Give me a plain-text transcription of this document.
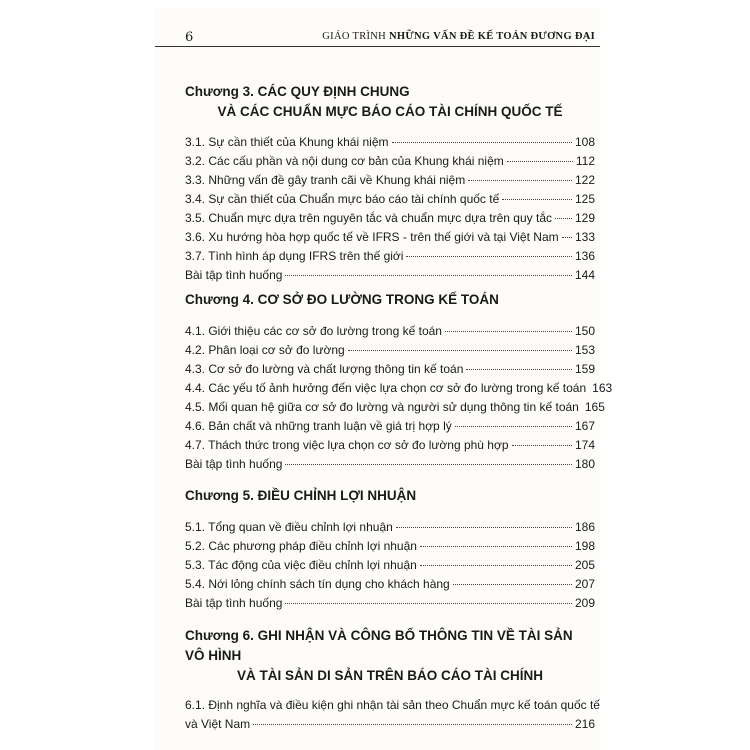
6	GIÁO TRÌNH NHỮNG VẤN ĐỀ KẾ TOÁN ĐƯƠNG ĐẠI
Chương 3. CÁC QUY ĐỊNH CHUNG
VÀ CÁC CHUẨN MỰC BÁO CÁO TÀI CHÍNH QUỐC TẾ
3.1. Sự cần thiết của Khung khái niệm	108
3.2. Các cấu phần và nội dung cơ bản của Khung khái niệm	112
3.3. Những vấn đề gây tranh cãi về Khung khái niệm	122
3.4. Sự cần thiết của Chuẩn mực báo cáo tài chính quốc tế	125
3.5. Chuẩn mực dựa trên nguyên tắc và chuẩn mực dựa trên quy tắc 129
3.6. Xu hướng hòa hợp quốc tế về IFRS - trên thế giới và tại Việt Nam 133
3.7. Tình hình áp dụng IFRS trên thế giới	136
Bài tập tình huống	144
Chương 4. CƠ SỞ ĐO LƯỜNG TRONG KẾ TOÁN
4.1. Giới thiệu các cơ sở đo lường trong kế toán	150
4.2. Phân loại cơ sở đo lường	153
4.3. Cơ sở đo lường và chất lượng thông tin kế toán	159
4.4. Các yếu tố ảnh hưởng đến việc lựa chọn cơ sở đo lường trong kế toán 163
4.5. Mối quan hệ giữa cơ sở đo lường và người sử dụng thông tin kế toán 165
4.6. Bản chất và những tranh luận về giá trị hợp lý	167
4.7. Thách thức trong việc lựa chọn cơ sở đo lường phù hợp	174
Bài tập tình huống	180
Chương 5. ĐIỀU CHỈNH LỢI NHUẬN
5.1. Tổng quan về điều chỉnh lợi nhuận	186
5.2. Các phương pháp điều chỉnh lợi nhuận	198
5.3. Tác động của việc điều chỉnh lợi nhuận	205
5.4. Nới lỏng chính sách tín dụng cho khách hàng	207
Bài tập tình huống	209
Chương 6. GHI NHẬN VÀ CÔNG BỐ THÔNG TIN VỀ TÀI SẢN VÔ HÌNH
VÀ TÀI SẢN DI SẢN TRÊN BÁO CÁO TÀI CHÍNH
6.1. Định nghĩa và điều kiện ghi nhận tài sản theo Chuẩn mực kế toán quốc tế
và Việt Nam	216
